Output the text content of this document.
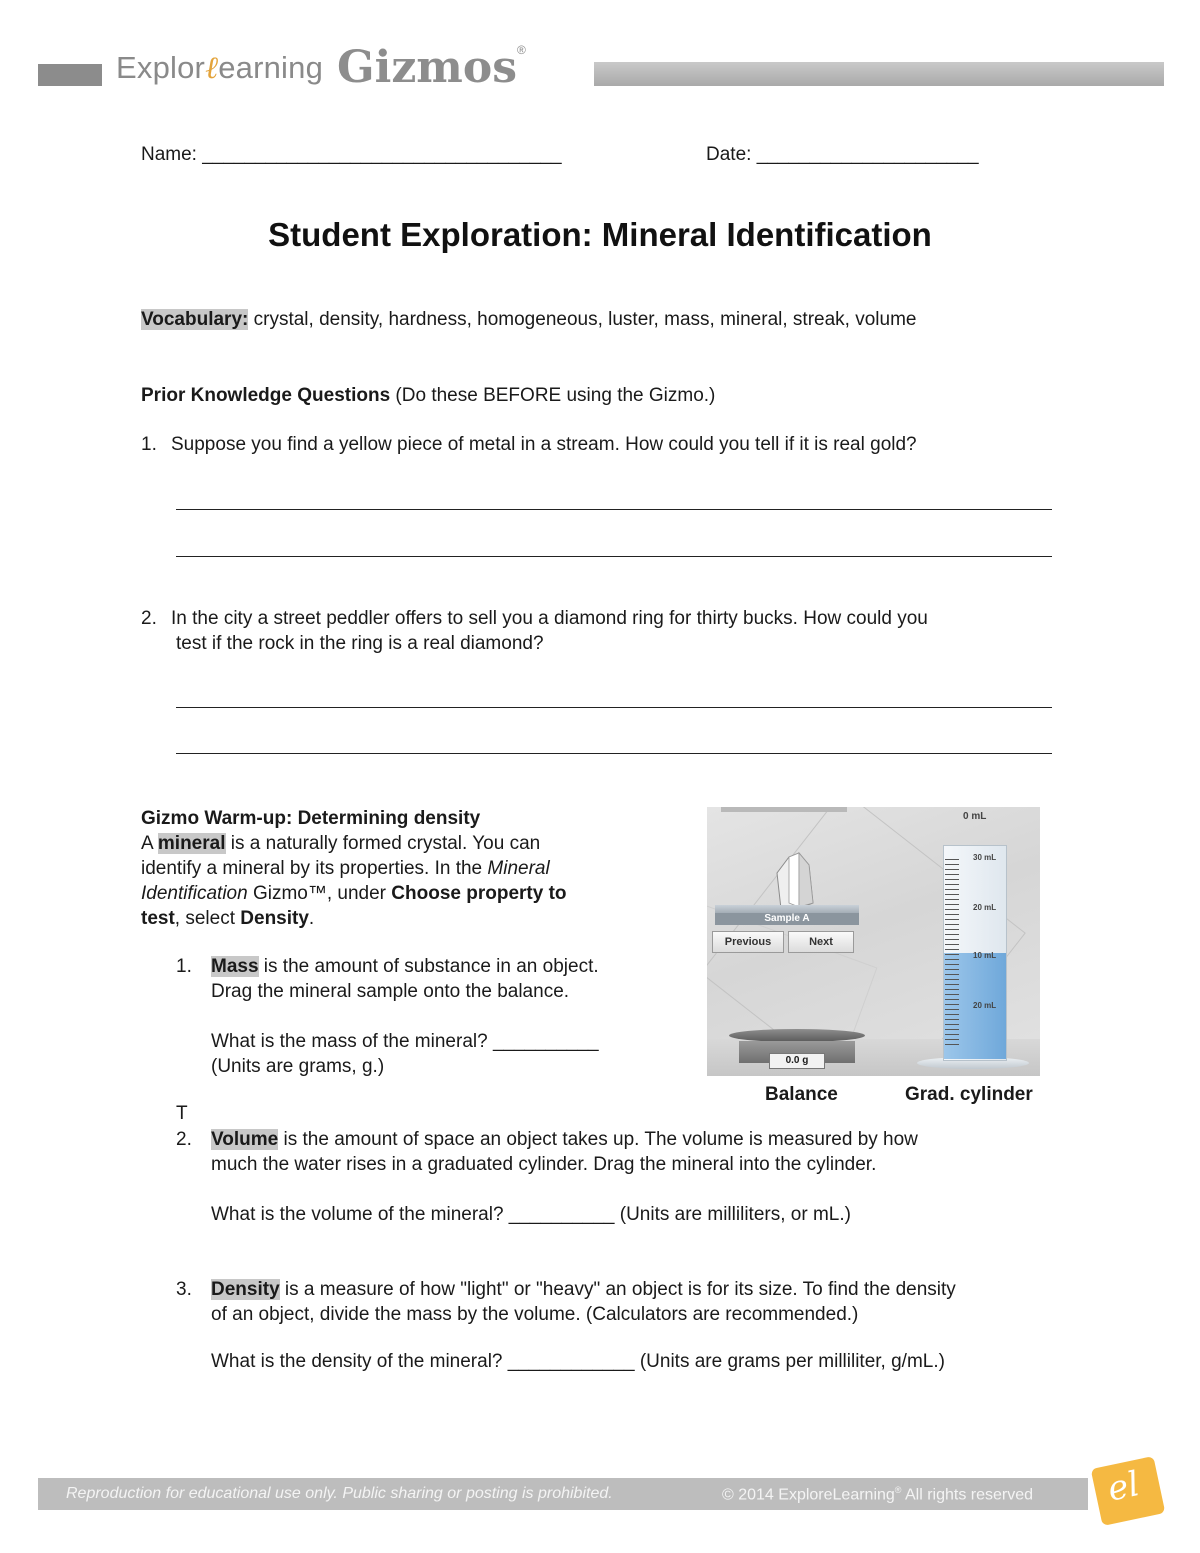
Explorℓearning Gizmos®
Name: __________________________________	Date: _____________________
Student Exploration: Mineral Identification
Vocabulary: crystal, density, hardness, homogeneous, luster, mass, mineral, streak, volume
Prior Knowledge Questions (Do these BEFORE using the Gizmo.)
1. Suppose you find a yellow piece of metal in a stream. How could you tell if it is real gold?
2. In the city a street peddler offers to sell you a diamond ring for thirty bucks. How could you
test if the rock in the ring is a real diamond?
Gizmo Warm-up: Determining density
A mineral is a naturally formed crystal. You can
identify a mineral by its properties. In the Mineral
Identification Gizmo™, under Choose property to
test, select Density.
1. Mass is the amount of substance in an object.
Drag the mineral sample onto the balance.
What is the mass of the mineral? __________
(Units are grams, g.)
T
2. Volume is the amount of space an object takes up. The volume is measured by how
much the water rises in a graduated cylinder. Drag the mineral into the cylinder.
What is the volume of the mineral? __________ (Units are milliliters, or mL.)
3. Density is a measure of how "light" or "heavy" an object is for its size. To find the density
of an object, divide the mass by the volume. (Calculators are recommended.)
What is the density of the mineral? ____________ (Units are grams per milliliter, g/mL.)
Sample A
Previous	Next
0.0 g
0 mL
30 mL
20 mL
10 mL
20 mL
Balance	Grad. cylinder
Reproduction for educational use only. Public sharing or posting is prohibited.	© 2014 ExploreLearning® All rights reserved el
